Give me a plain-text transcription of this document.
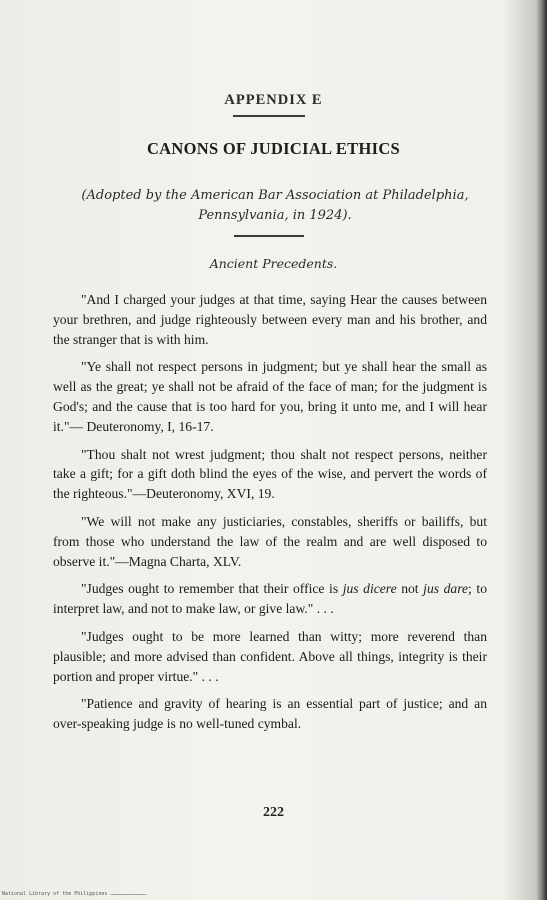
APPENDIX E
CANONS OF JUDICIAL ETHICS
(Adopted by the American Bar Association at Philadelphia,
Pennsylvania, in 1924).
Ancient Precedents.

"And I charged your judges at that time, saying Hear the causes between your brethren, and judge righteously between every man and his brother, and the stranger that is with him.

"Ye shall not respect persons in judgment; but ye shall hear the small as well as the great; ye shall not be afraid of the face of man; for the judgment is God's; and the cause that is too hard for you, bring it unto me, and I will hear it."— Deuteronomy, I, 16-17.

"Thou shalt not wrest judgment; thou shalt not respect persons, neither take a gift; for a gift doth blind the eyes of the wise, and pervert the words of the righteous."—Deuteronomy, XVI, 19.

"We will not make any justiciaries, constables, sheriffs or bailiffs, but from those who understand the law of the realm and are well disposed to observe it."—Magna Charta, XLV.

"Judges ought to remember that their office is jus dicere not jus dare; to interpret law, and not to make law, or give law." . . .

"Judges ought to be more learned than witty; more reverend than plausible; and more advised than confident. Above all things, integrity is their portion and proper virtue." . . .

"Patience and gravity of hearing is an essential part of justice; and an over-speaking judge is no well-tuned cymbal.

222
National Library of the Philippines ………………………………
